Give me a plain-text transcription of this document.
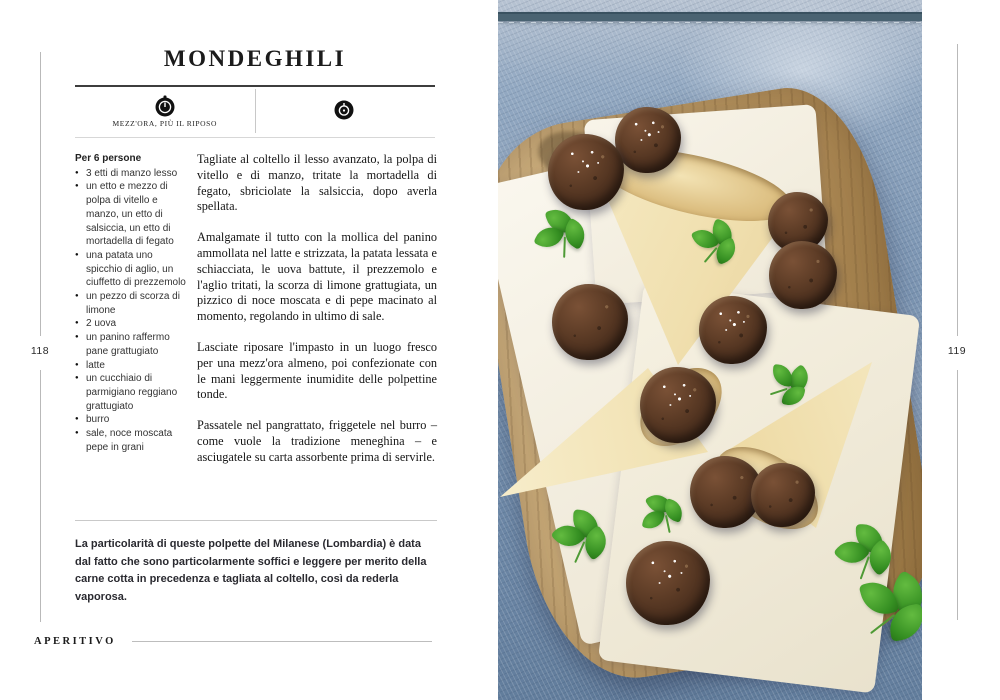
118
MONDEGHILI
MEZZ'ORA, PIÙ IL RIPOSO

Per 6 persone

● 3 etti di manzo lesso
● un etto e mezzo di polpa di vitello e manzo, un etto di salsiccia, un etto di mortadella di fegato
● una patata uno spicchio di aglio, un ciuffetto di prezzemolo
● un pezzo di scorza di limone
● 2 uova
● un panino raffermo pane grattugiato
● latte
● un cucchiaio di parmigiano reggiano grattugiato
● burro
● sale, noce moscata pepe in grani

Tagliate al coltello il lesso avanzato, la polpa di vitello e di manzo, tritate la mortadella di fegato, sbriciolate la salsiccia, dopo averla spellata.

Amalgamate il tutto con la mollica del panino ammollata nel latte e strizzata, la patata lessata e schiacciata, le uova battute, il prezzemolo e l'aglio tritati, la scorza di limone grattugiata, un pizzico di noce moscata e di pepe macinato al momento, regolando in ultimo di sale.

Lasciate riposare l'impasto in un luogo fresco per una mezz'ora almeno, poi confezionate con le mani leggermente inumidite delle polpettine tonde.

Passatele nel pangrattato, friggetele nel burro – come vuole la tradizione meneghina – e asciugatele su carta assorbente prima di servirle.

La particolarità di queste polpette del Milanese (Lombardia) è data dal fatto che sono particolarmente soffici e leggere per merito della carne cotta in precedenza e tagliata al coltello, così da rederla vaporosa.

APERITIVO
119
